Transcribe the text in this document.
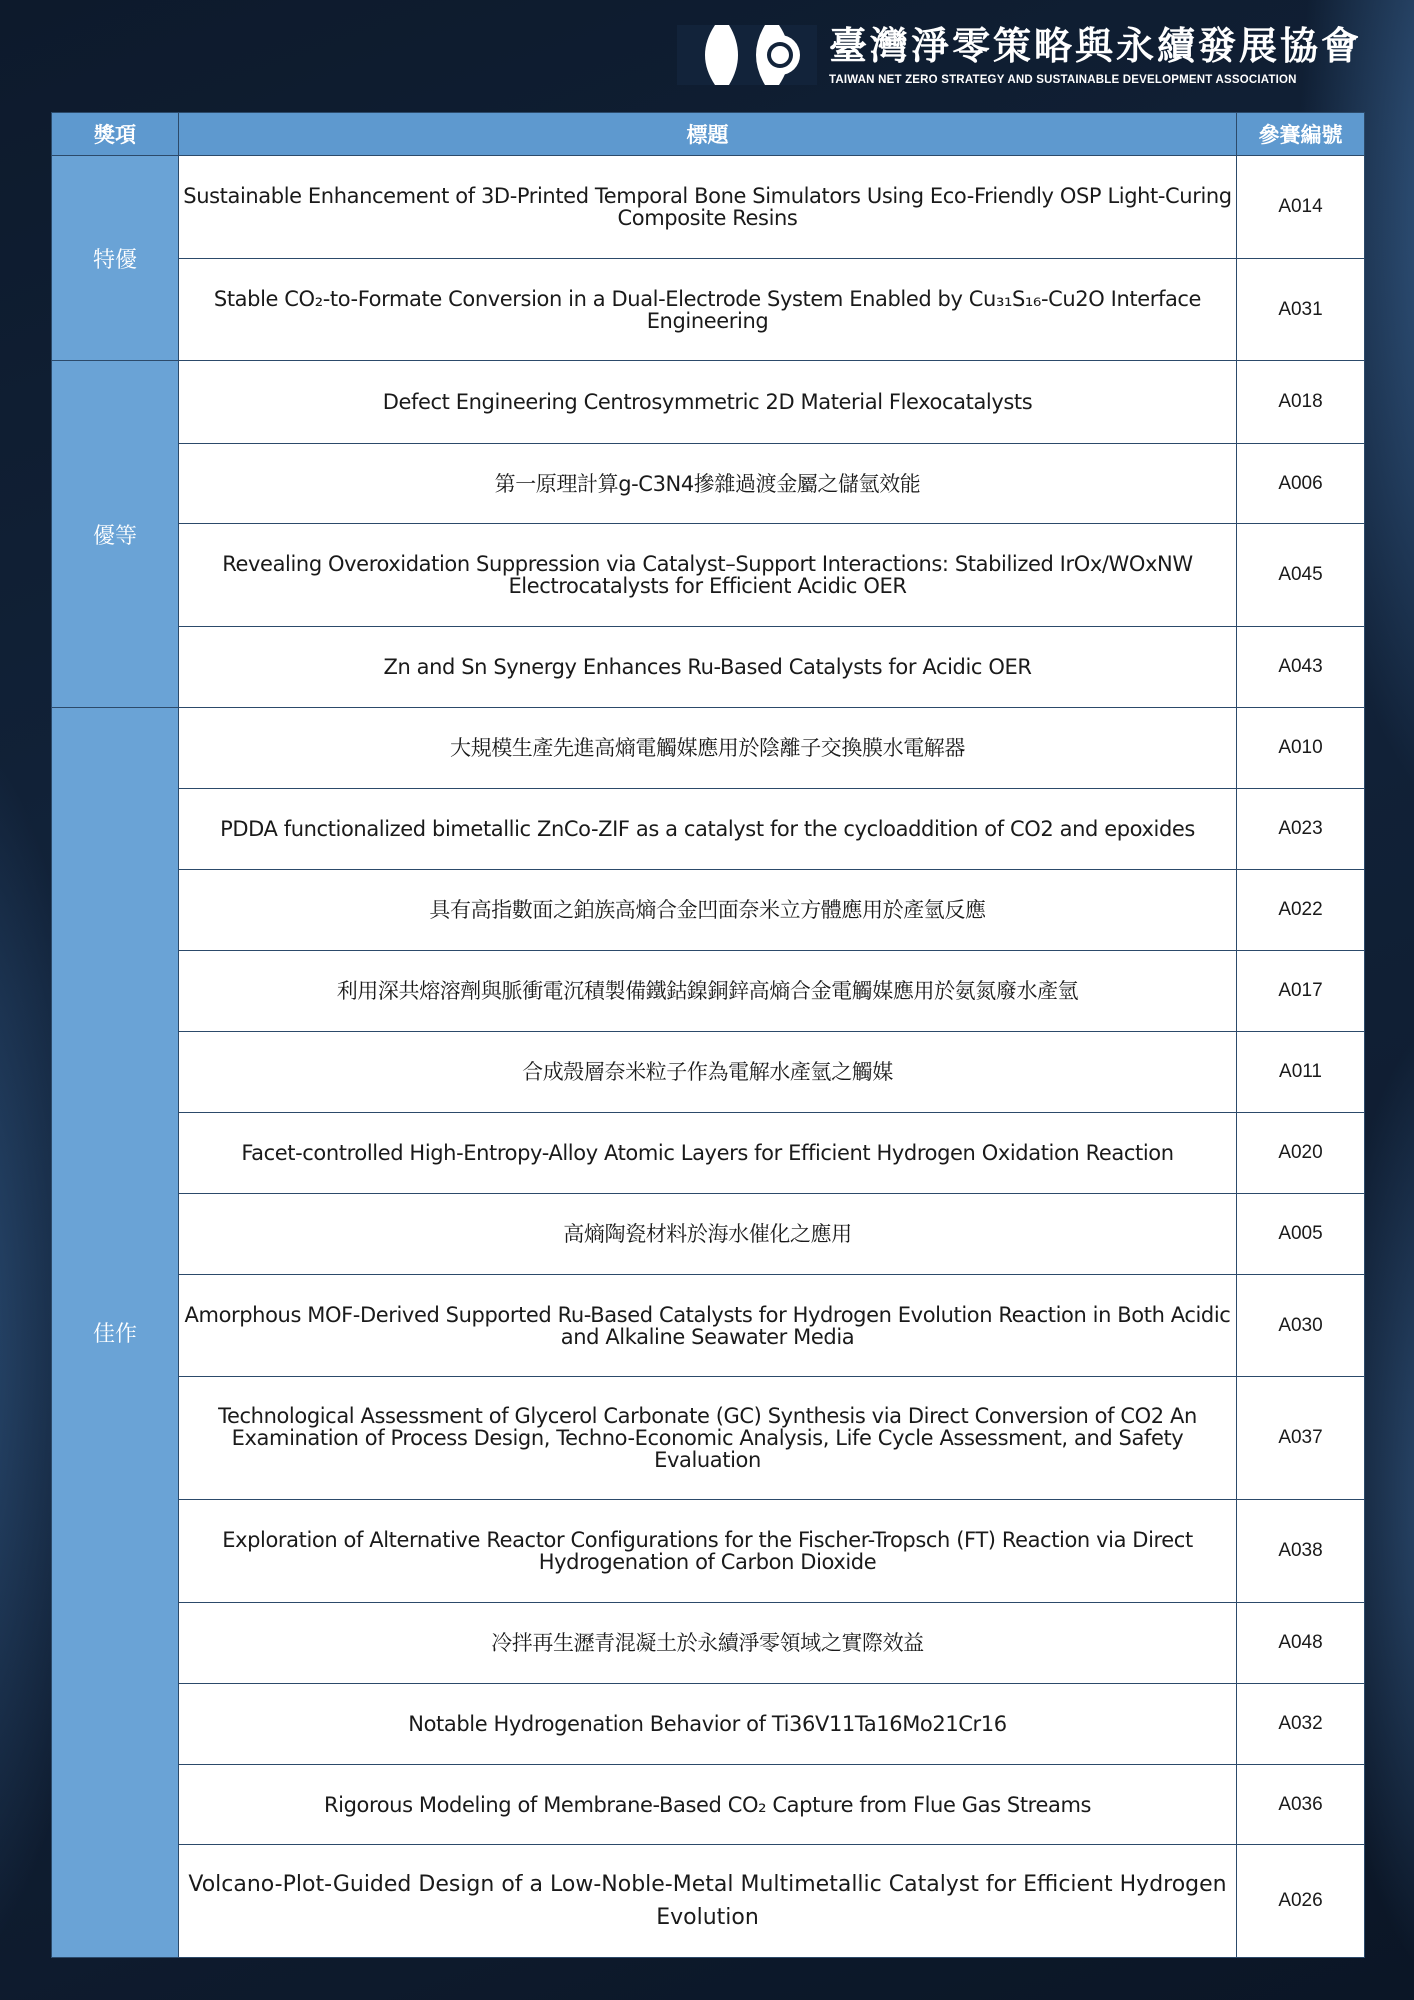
臺灣淨零策略與永續發展協會
TAIWAN NET ZERO STRATEGY AND SUSTAINABLE DEVELOPMENT ASSOCIATION
獎項	標題	參賽編號
特優	Sustainable Enhancement of 3D-Printed Temporal Bone Simulators Using Eco-Friendly OSP Light-Curing Composite Resins	A014
	Stable CO₂-to-Formate Conversion in a Dual-Electrode System Enabled by Cu₃₁S₁₆-Cu2O Interface Engineering	A031
優等	Defect Engineering Centrosymmetric 2D Material Flexocatalysts	A018
	第一原理計算g-C3N4摻雜過渡金屬之儲氫效能	A006
	Revealing Overoxidation Suppression via Catalyst–Support Interactions: Stabilized IrOx/WOxNW Electrocatalysts for Efficient Acidic OER	A045
	Zn and Sn Synergy Enhances Ru-Based Catalysts for Acidic OER	A043
佳作	大規模生產先進高熵電觸媒應用於陰離子交換膜水電解器	A010
	PDDA functionalized bimetallic ZnCo-ZIF as a catalyst for the cycloaddition of CO2 and epoxides	A023
	具有高指數面之鉑族高熵合金凹面奈米立方體應用於產氫反應	A022
	利用深共熔溶劑與脈衝電沉積製備鐵鈷鎳銅鋅高熵合金電觸媒應用於氨氮廢水產氫	A017
	合成殼層奈米粒子作為電解水產氫之觸媒	A011
	Facet-controlled High-Entropy-Alloy Atomic Layers for Efficient Hydrogen Oxidation Reaction	A020
	高熵陶瓷材料於海水催化之應用	A005
	Amorphous MOF-Derived Supported Ru-Based Catalysts for Hydrogen Evolution Reaction in Both Acidic and Alkaline Seawater Media	A030
	Technological Assessment of Glycerol Carbonate (GC) Synthesis via Direct Conversion of CO2 An Examination of Process Design, Techno-Economic Analysis, Life Cycle Assessment, and Safety Evaluation	A037
	Exploration of Alternative Reactor Configurations for the Fischer-Tropsch (FT) Reaction via Direct Hydrogenation of Carbon Dioxide	A038
	冷拌再生瀝青混凝土於永續淨零領域之實際效益	A048
	Notable Hydrogenation Behavior of Ti36V11Ta16Mo21Cr16	A032
	Rigorous Modeling of Membrane-Based CO₂ Capture from Flue Gas Streams	A036
	Volcano-Plot-Guided Design of a Low-Noble-Metal Multimetallic Catalyst for Efficient Hydrogen Evolution	A026
